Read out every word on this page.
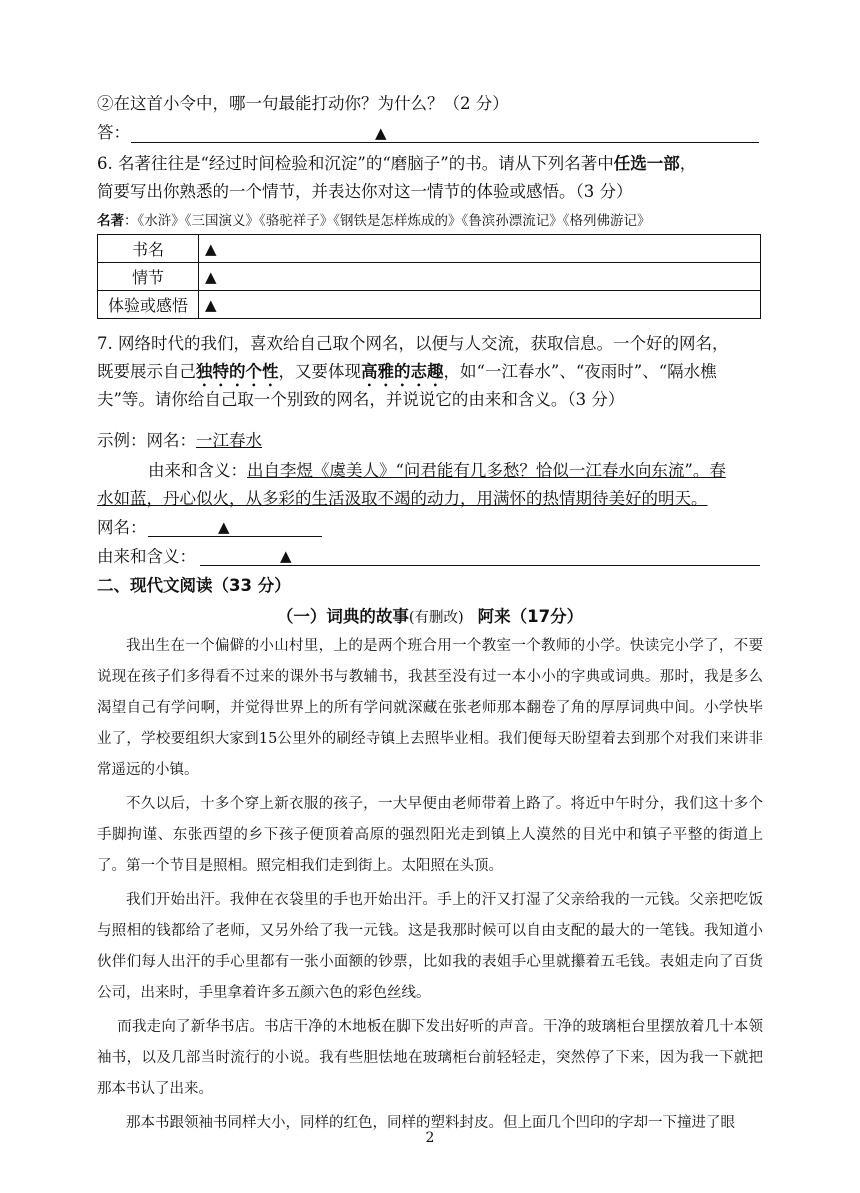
②在这首小令中，哪一句最能打动你？为什么？（2 分）
答：	▲
6. 名著往往是“经过时间检验和沉淀”的“磨脑子”的书。请从下列名著中任选一部，
简要写出你熟悉的一个情节，并表达你对这一情节的体验或感悟。（3 分）
名著：《水浒》《三国演义》《骆驼祥子》《钢铁是怎样炼成的》《鲁滨孙漂流记》《格列佛游记》
书名	▲
情节	▲
体验或感悟	▲
7. 网络时代的我们，喜欢给自己取个网名，以便与人交流，获取信息。一个好的网名，
既要展示自己独特的个性，又要体现高雅的志趣，如“一江春水”、“夜雨时”、“隔水樵
夫”等。请你给自己取一个别致的网名，并说说它的由来和含义。（3 分）
示例：网名：一江春水
由来和含义：出自李煜《虞美人》“问君能有几多愁？恰似一江春水向东流”。春
水如蓝，丹心似火，从多彩的生活汲取不竭的动力，用满怀的热情期待美好的明天。
网名：	▲
由来和含义：	▲
二、现代文阅读（33 分）
（一）词典的故事(有删改) 阿来（17分）

我出生在一个偏僻的小山村里，上的是两个班合用一个教室一个教师的小学。快读完小学了，不要说现在孩子们多得看不过来的课外书与教辅书，我甚至没有过一本小小的字典或词典。那时，我是多么渴望自己有学问啊，并觉得世界上的所有学问就深藏在张老师那本翻卷了角的厚厚词典中间。小学快毕业了，学校要组织大家到15公里外的刷经寺镇上去照毕业相。我们便每天盼望着去到那个对我们来讲非常遥远的小镇。

不久以后，十多个穿上新衣服的孩子，一大早便由老师带着上路了。将近中午时分，我们这十多个手脚拘谨、东张西望的乡下孩子便顶着高原的强烈阳光走到镇上人漠然的目光中和镇子平整的街道上了。第一个节目是照相。照完相我们走到街上。太阳照在头顶。

我们开始出汗。我伸在衣袋里的手也开始出汗。手上的汗又打湿了父亲给我的一元钱。父亲把吃饭与照相的钱都给了老师，又另外给了我一元钱。这是我那时候可以自由支配的最大的一笔钱。我知道小伙伴们每人出汗的手心里都有一张小面额的钞票，比如我的表姐手心里就攥着五毛钱。表姐走向了百货公司，出来时，手里拿着许多五颜六色的彩色丝线。

而我走向了新华书店。书店干净的木地板在脚下发出好听的声音。干净的玻璃柜台里摆放着几十本领袖书，以及几部当时流行的小说。我有些胆怯地在玻璃柜台前轻轻走，突然停了下来，因为我一下就把那本书认了出来。

那本书跟领袖书同样大小，同样的红色，同样的塑料封皮。但上面几个凹印的字却一下撞进了眼

2
